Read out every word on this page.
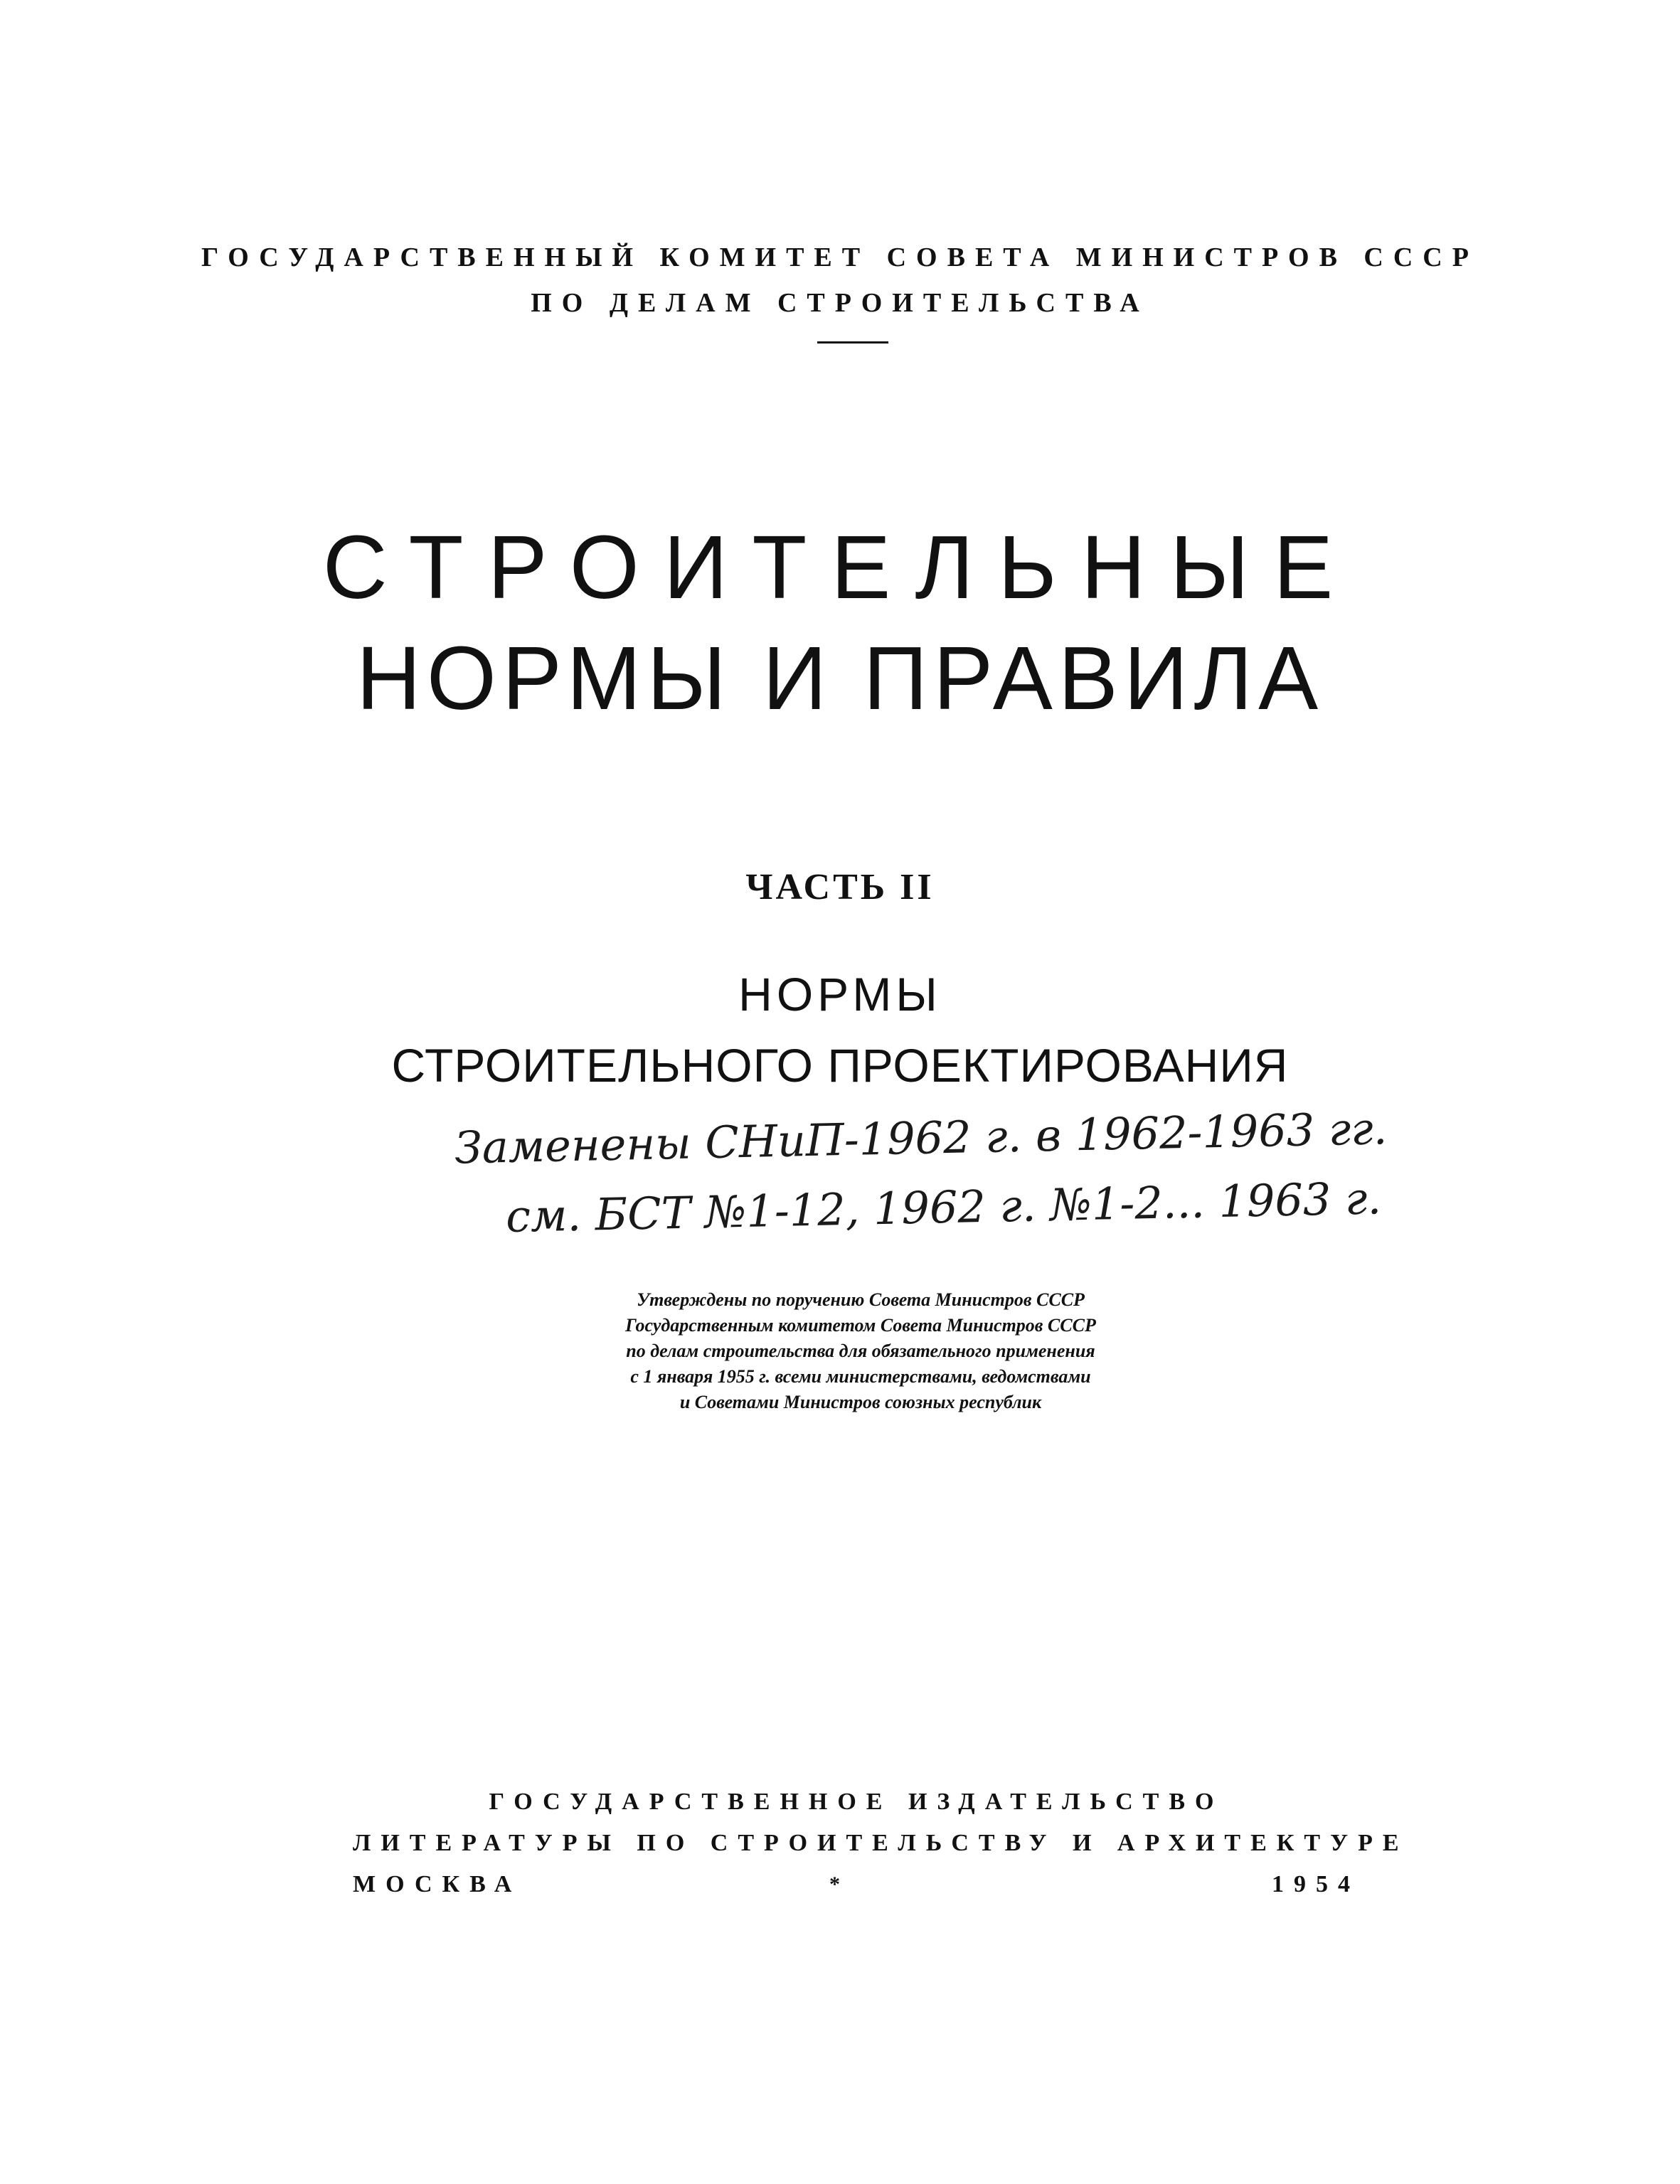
ГОСУДАРСТВЕННЫЙ КОМИТЕТ СОВЕТА МИНИСТРОВ СССР
ПО ДЕЛАМ СТРОИТЕЛЬСТВА
СТРОИТЕЛЬНЫЕ
НОРМЫ И ПРАВИЛА
ЧАСТЬ II
НОРМЫ
СТРОИТЕЛЬНОГО ПРОЕКТИРОВАНИЯ
Заменены СНиП-1962 г. в 1962-1963 гг.
см. БСТ №1-12, 1962 г. №1-2... 1963 г.
Утверждены по поручению Совета Министров СССР
Государственным комитетом Совета Министров СССР
по делам строительства для обязательного применения
с 1 января 1955 г. всеми министерствами, ведомствами
и Советами Министров союзных республик
ГОСУДАРСТВЕННОЕ ИЗДАТЕЛЬСТВО
ЛИТЕРАТУРЫ ПО СТРОИТЕЛЬСТВУ И АРХИТЕКТУРЕ
МОСКВА	*	1954
